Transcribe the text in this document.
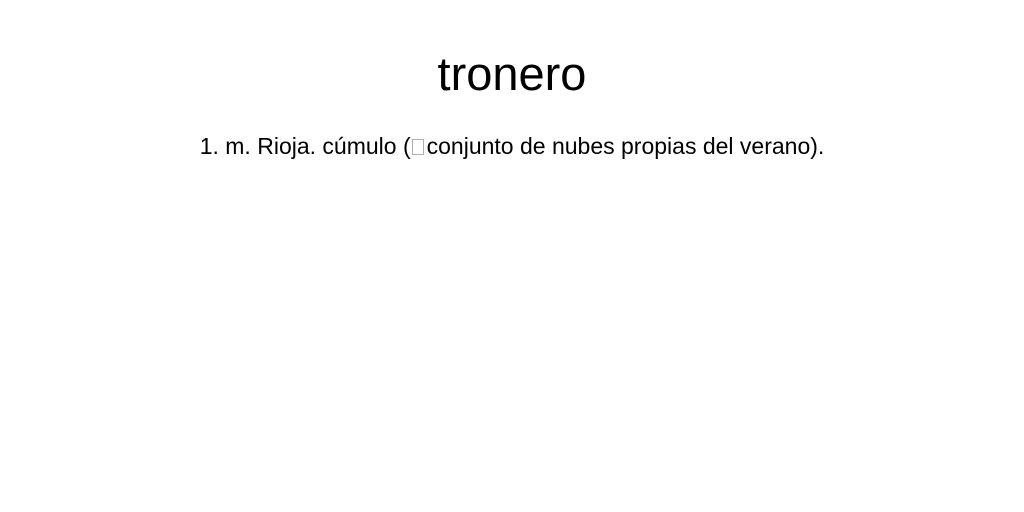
tronero

1. m. Rioja. cúmulo ( conjunto de nubes propias del verano).
